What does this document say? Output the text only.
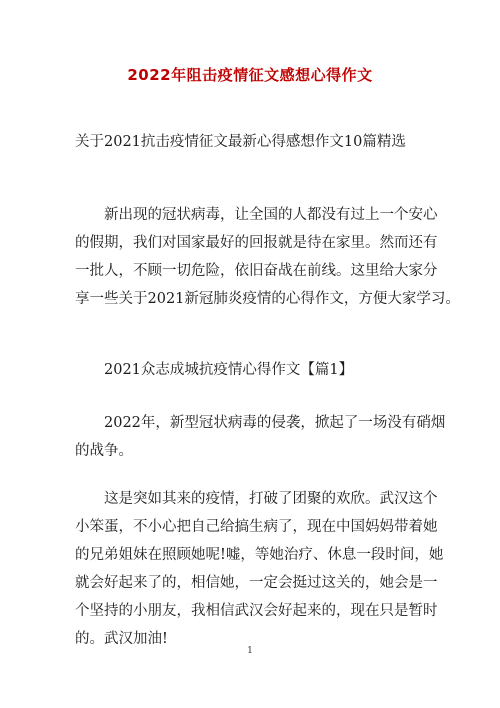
2022年阻击疫情征文感想心得作文
关于2021抗击疫情征文最新心得感想作文10篇精选

新出现的冠状病毒，让全国的人都没有过上一个安心
的假期，我们对国家最好的回报就是待在家里。然而还有
一批人，不顾一切危险，依旧奋战在前线。这里给大家分
享一些关于2021新冠肺炎疫情的心得作文，方便大家学习。

2021众志成城抗疫情心得作文【篇1】

2022年，新型冠状病毒的侵袭，掀起了一场没有硝烟
的战争。

这是突如其来的疫情，打破了团聚的欢欣。武汉这个
小笨蛋，不小心把自己给搞生病了，现在中国妈妈带着她
的兄弟姐妹在照顾她呢!嘘，等她治疗、休息一段时间，她
就会好起来了的，相信她，一定会挺过这关的，她会是一
个坚持的小朋友，我相信武汉会好起来的，现在只是暂时
的。武汉加油!

1
